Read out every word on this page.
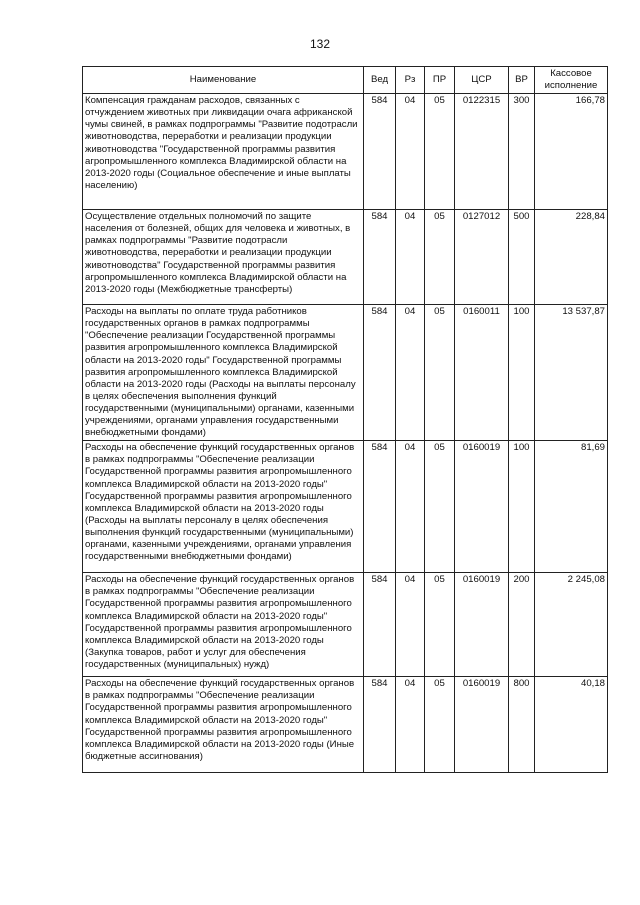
132
Наименование	Вед	Рз	ПР	ЦСР	ВР	Кассовое исполнение
Компенсация гражданам расходов, связанных с отчуждением животных при ликвидации очага африканской чумы свиней, в рамках подпрограммы "Развитие подотрасли животноводства, переработки и реализации продукции животноводства "Государственной программы развития агропромышленного комплекса Владимирской области на 2013-2020 годы (Социальное обеспечение и иные выплаты населению)	584	04	05	0122315	300	166,78
Осуществление отдельных полномочий по защите населения от болезней, общих для человека и животных, в рамках подпрограммы "Развитие подотрасли животноводства, переработки и реализации продукции животноводства" Государственной программы развития агропромышленного комплекса Владимирской области на 2013-2020 годы (Межбюджетные трансферты)	584	04	05	0127012	500	228,84
Расходы на выплаты по оплате труда работников государственных органов в рамках подпрограммы "Обеспечение реализации Государственной программы развития агропромышленного комплекса Владимирской области на 2013-2020 годы" Государственной программы развития агропромышленного комплекса Владимирской области на 2013-2020 годы (Расходы на выплаты персоналу в целях обеспечения выполнения функций государственными (муниципальными) органами, казенными учреждениями, органами управления государственными внебюджетными фондами)	584	04	05	0160011	100	13 537,87
Расходы на обеспечение функций государственных органов в рамках подпрограммы "Обеспечение реализации Государственной программы развития агропромышленного комплекса Владимирской области на 2013-2020 годы" Государственной программы развития агропромышленного комплекса Владимирской области на 2013-2020 годы (Расходы на выплаты персоналу в целях обеспечения выполнения функций государственными (муниципальными) органами, казенными учреждениями, органами управления государственными внебюджетными фондами)	584	04	05	0160019	100	81,69
Расходы на обеспечение функций государственных органов в рамках подпрограммы "Обеспечение реализации Государственной программы развития агропромышленного комплекса Владимирской области на 2013-2020 годы" Государственной программы развития агропромышленного комплекса Владимирской области на 2013-2020 годы (Закупка товаров, работ и услуг для обеспечения государственных (муниципальных) нужд)	584	04	05	0160019	200	2 245,08
Расходы на обеспечение функций государственных органов в рамках подпрограммы "Обеспечение реализации Государственной программы развития агропромышленного комплекса Владимирской области на 2013-2020 годы" Государственной программы развития агропромышленного комплекса Владимирской области на 2013-2020 годы (Иные бюджетные ассигнования)	584	04	05	0160019	800	40,18
